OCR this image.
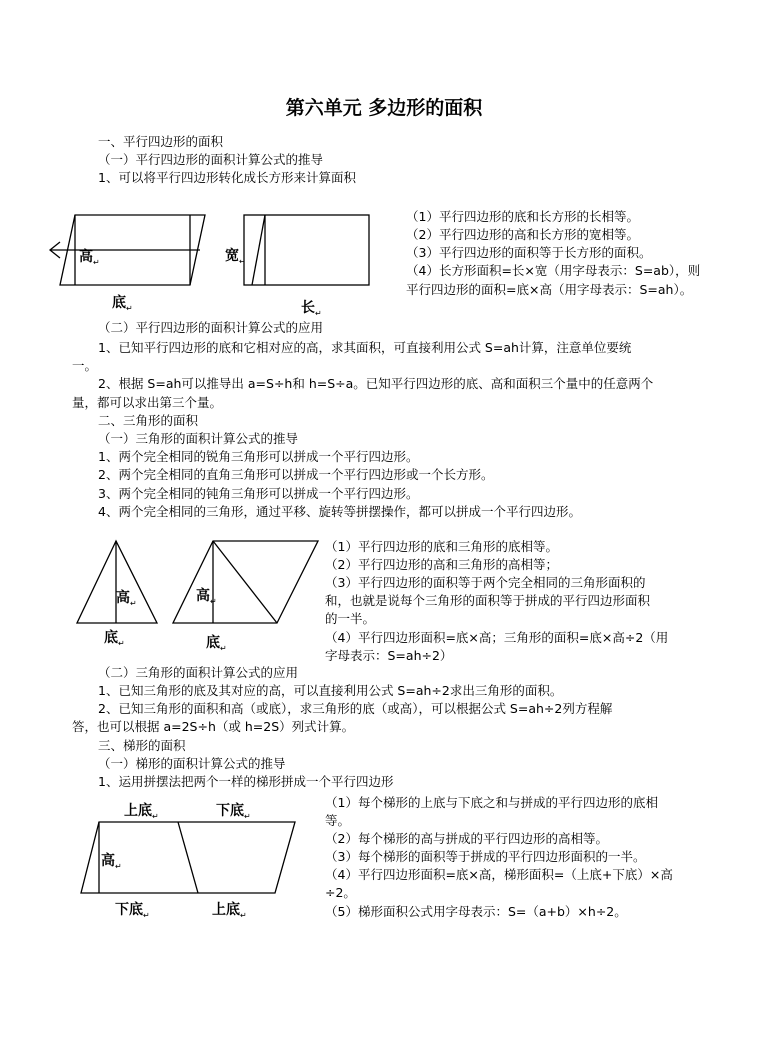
第六单元 多边形的面积
一、平行四边形的面积
（一）平行四边形的面积计算公式的推导
1、可以将平行四边形转化成长方形来计算面积
高$_↵$
底$_↵$
宽$_↵$
长$_↵$
（1）平行四边形的底和长方形的长相等。
（2）平行四边形的高和长方形的宽相等。
（3）平行四边形的面积等于长方形的面积。
（4）长方形面积=长×宽（用字母表示：S=ab），则
平行四边形的面积=底×高（用字母表示：S=ah）。
（二）平行四边形的面积计算公式的应用
1、已知平行四边形的底和它相对应的高，求其面积，可直接利用公式 S=ah计算，注意单位要统
一。
2、根据 S=ah可以推导出 a=S÷h和 h=S÷a。已知平行四边形的底、高和面积三个量中的任意两个
量，都可以求出第三个量。
二、三角形的面积
（一）三角形的面积计算公式的推导
1、两个完全相同的锐角三角形可以拼成一个平行四边形。
2、两个完全相同的直角三角形可以拼成一个平行四边形或一个长方形。
3、两个完全相同的钝角三角形可以拼成一个平行四边形。
4、两个完全相同的三角形，通过平移、旋转等拼摆操作，都可以拼成一个平行四边形。
高$_↵$
底$_↵$
高$_↵$
底$_↵$
（1）平行四边形的底和三角形的底相等。
（2）平行四边形的高和三角形的高相等；
（3）平行四边形的面积等于两个完全相同的三角形面积的
和，也就是说每个三角形的面积等于拼成的平行四边形面积
的一半。
（4）平行四边形面积=底×高；三角形的面积=底×高÷2（用
字母表示：S=ah÷2）
（二）三角形的面积计算公式的应用
1、已知三角形的底及其对应的高，可以直接利用公式 S=ah÷2求出三角形的面积。
2、已知三角形的面积和高（或底），求三角形的底（或高），可以根据公式 S=ah÷2列方程解
答，也可以根据 a=2S÷h（或 h=2S）列式计算。
三、梯形的面积
（一）梯形的面积计算公式的推导
1、运用拼摆法把两个一样的梯形拼成一个平行四边形
上底$_↵$	下底$_↵$
高$_↵$
下底$_↵$	上底$_↵$
（1）每个梯形的上底与下底之和与拼成的平行四边形的底相
等。
（2）每个梯形的高与拼成的平行四边形的高相等。
（3）每个梯形的面积等于拼成的平行四边形面积的一半。
（4）平行四边形面积=底×高，梯形面积=（上底+下底）×高
÷2。
（5）梯形面积公式用字母表示：S=（a+b）×h÷2。
